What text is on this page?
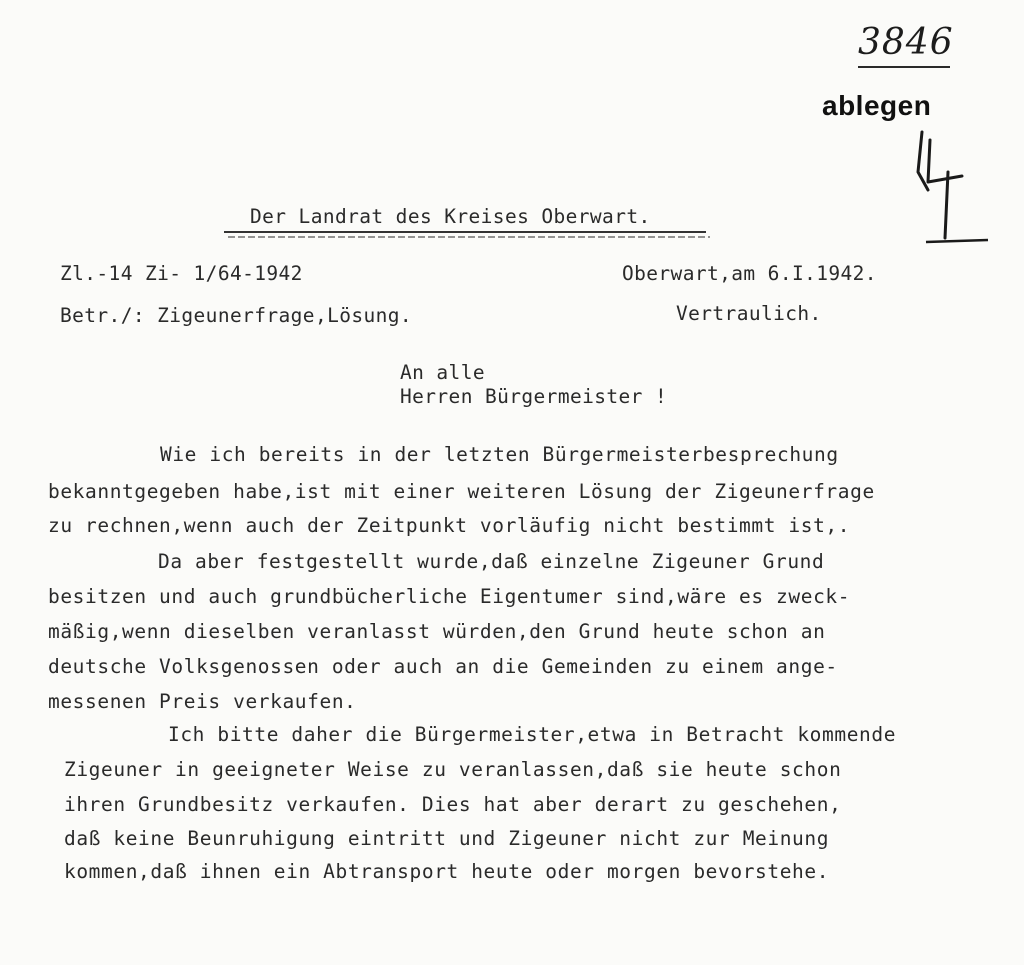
3846
ablegen
Der Landrat des Kreises Oberwart.
Zl.-14 Zi- 1/64-1942	Oberwart,am 6.I.1942.
Betr./: Zigeunerfrage,Lösung.	Vertraulich.
An alle
Herren Bürgermeister !
Wie ich bereits in der letzten Bürgermeisterbesprechung
bekanntgegeben habe,ist mit einer weiteren Lösung der Zigeunerfrage
zu rechnen,wenn auch der Zeitpunkt vorläufig nicht bestimmt ist,.
Da aber festgestellt wurde,daß einzelne Zigeuner Grund
besitzen und auch grundbücherliche Eigentumer sind,wäre es zweck-
mäßig,wenn dieselben veranlasst würden,den Grund heute schon an
deutsche Volksgenossen oder auch an die Gemeinden zu einem ange-
messenen Preis verkaufen.
Ich bitte daher die Bürgermeister,etwa in Betracht kommende
Zigeuner in geeigneter Weise zu veranlassen,daß sie heute schon
ihren Grundbesitz verkaufen. Dies hat aber derart zu geschehen,
daß keine Beunruhigung eintritt und Zigeuner nicht zur Meinung
kommen,daß ihnen ein Abtransport heute oder morgen bevorstehe.
